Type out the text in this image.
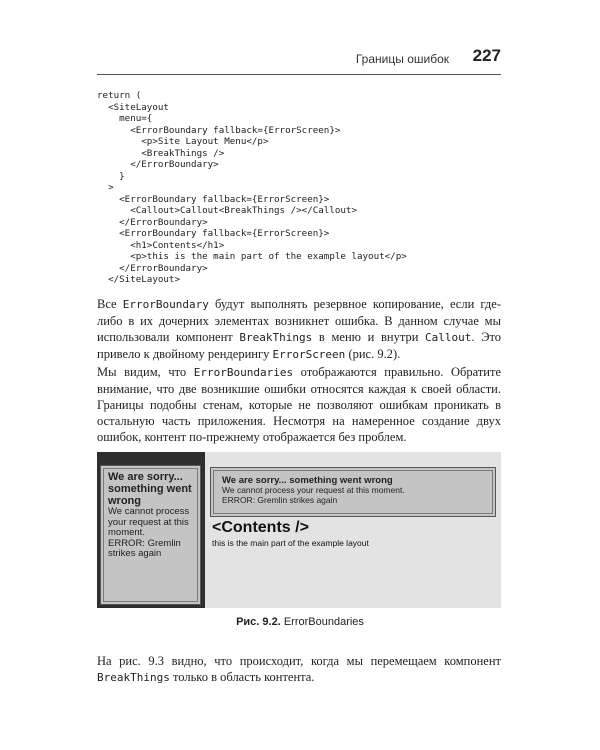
Границы ошибок 227
return (
<SiteLayout
menu={
<ErrorBoundary fallback={ErrorScreen}>
<p>Site Layout Menu</p>
<BreakThings />
</ErrorBoundary>
}
>
<ErrorBoundary fallback={ErrorScreen}>
<Callout>Callout<BreakThings /></Callout>
</ErrorBoundary>
<ErrorBoundary fallback={ErrorScreen}>
<h1>Contents</h1>
<p>this is the main part of the example layout</p>
</ErrorBoundary>
</SiteLayout>

Все ErrorBoundary будут выполнять резервное копирование, если где-либо в их дочерних элементах возникнет ошибка. В данном случае мы использовали компонент BreakThings в меню и внутри Callout. Это привело к двойному рендерингу ErrorScreen (рис. 9.2).

Мы видим, что ErrorBoundaries отображаются правильно. Обратите внимание, что две возникшие ошибки относятся каждая к своей области. Границы подобны стенам, которые не позволяют ошибкам проникать в остальную часть приложения. Несмотря на намеренное создание двух ошибок, контент по-прежнему отображается без проблем.

We are sorry... something went wrong
We cannot process your request at this moment.
ERROR: Gremlin strikes again
We are sorry... something went wrong
We cannot process your request at this moment.
ERROR: Gremlin strikes again
<Contents />
this is the main part of the example layout
Рис. 9.2. ErrorBoundaries

На рис. 9.3 видно, что происходит, когда мы перемещаем компонент BreakThings только в область контента.
